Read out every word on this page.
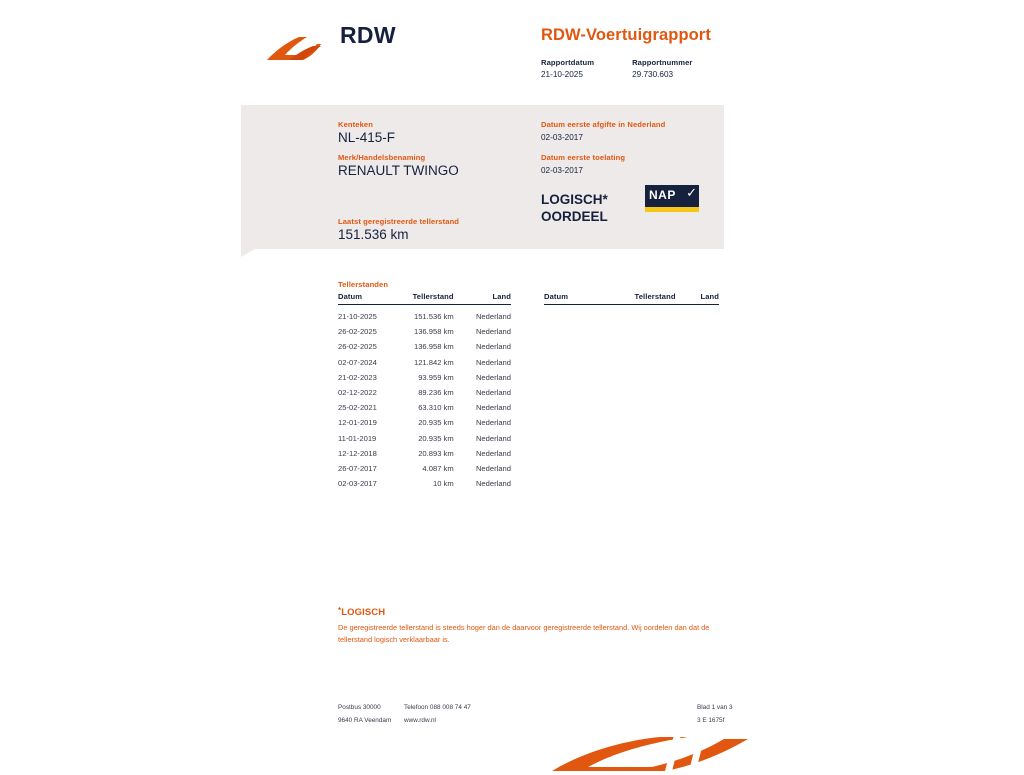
RDW	RDW-Voertuigrapport
Rapportdatum
21-10-2025
Rapportnummer
29.730.603
Kenteken
NL-415-F
Merk/Handelsbenaming
RENAULT TWINGO
Laatst geregistreerde tellerstand
151.536 km
Datum eerste afgifte in Nederland
02-03-2017
Datum eerste toelating
02-03-2017
LOGISCH*
OORDEEL
NAP ✓
Tellerstanden
Datum	Tellerstand	Land
21-10-2025	151.536 km	Nederland
26-02-2025	136.958 km	Nederland
26-02-2025	136.958 km	Nederland
02-07-2024	121.842 km	Nederland
21-02-2023	93.959 km	Nederland
02-12-2022	89.236 km	Nederland
25-02-2021	63.310 km	Nederland
12-01-2019	20.935 km	Nederland
11-01-2019	20.935 km	Nederland
12-12-2018	20.893 km	Nederland
26-07-2017	4.087 km	Nederland
02-03-2017	10 km	Nederland
Datum	Tellerstand	Land
*LOGISCH
De geregistreerde tellerstand is steeds hoger dan de daarvoor geregistreerde tellerstand. Wij oordelen dan dat de tellerstand logisch verklaarbaar is.
Postbus 30000
9640 RA Veendam
Telefoon 088 008 74 47
www.rdw.nl
Blad 1 van 3
3 E 1675f
